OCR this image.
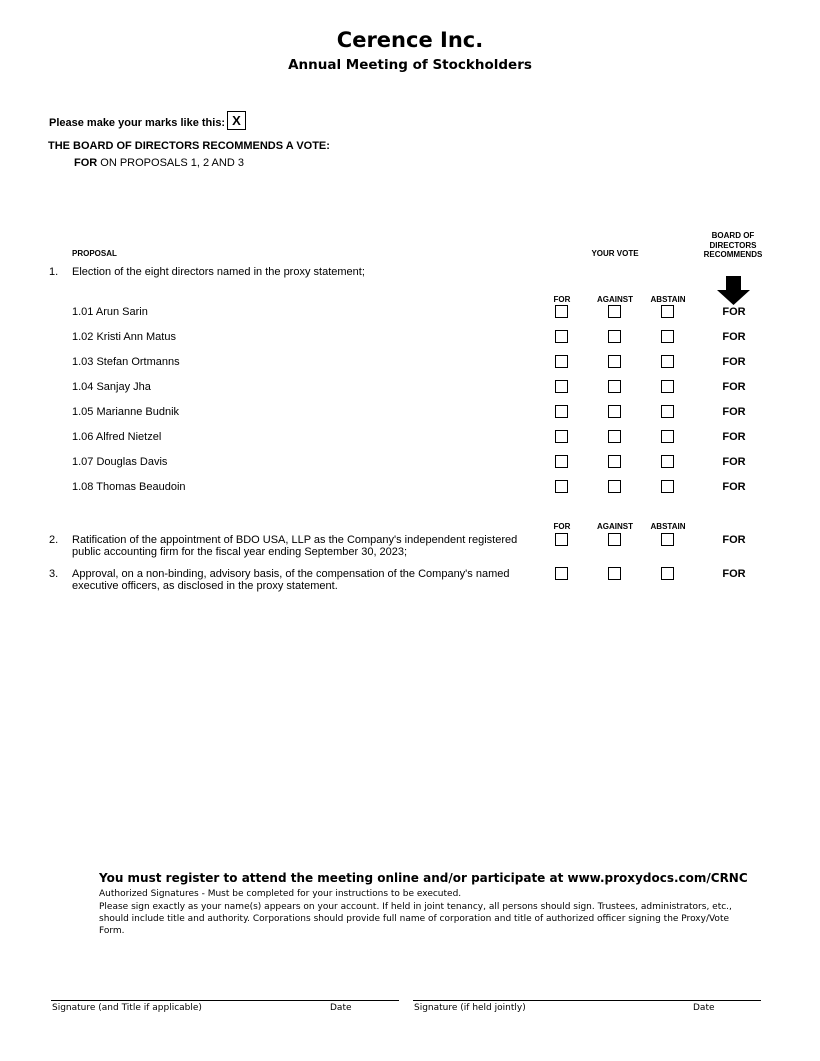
Cerence Inc.
Annual Meeting of Stockholders
Please make your marks like this: X
THE BOARD OF DIRECTORS RECOMMENDS A VOTE:
FOR ON PROPOSALS 1, 2 AND 3
PROPOSAL	YOUR VOTE
BOARD OF
DIRECTORS
RECOMMENDS
1. Election of the eight directors named in the proxy statement;
FOR	AGAINST	ABSTAIN
1.01 Arun Sarin	FOR
1.02 Kristi Ann Matus	FOR
1.03 Stefan Ortmanns	FOR
1.04 Sanjay Jha	FOR
1.05 Marianne Budnik	FOR
1.06 Alfred Nietzel	FOR
1.07 Douglas Davis	FOR
1.08 Thomas Beaudoin	FOR
FOR	AGAINST	ABSTAIN
2. Ratification of the appointment of BDO USA, LLP as the Company's independent registered
public accounting firm for the fiscal year ending September 30, 2023;
FOR
3. Approval, on a non-binding, advisory basis, of the compensation of the Company's named
executive officers, as disclosed in the proxy statement.
FOR
You must register to attend the meeting online and/or participate at www.proxydocs.com/CRNC
Authorized Signatures - Must be completed for your instructions to be executed.
Please sign exactly as your name(s) appears on your account. If held in joint tenancy, all persons should sign. Trustees, administrators, etc.,
should include title and authority. Corporations should provide full name of corporation and title of authorized officer signing the Proxy/Vote
Form.
Signature (and Title if applicable)	Date	Signature (if held jointly)	Date
